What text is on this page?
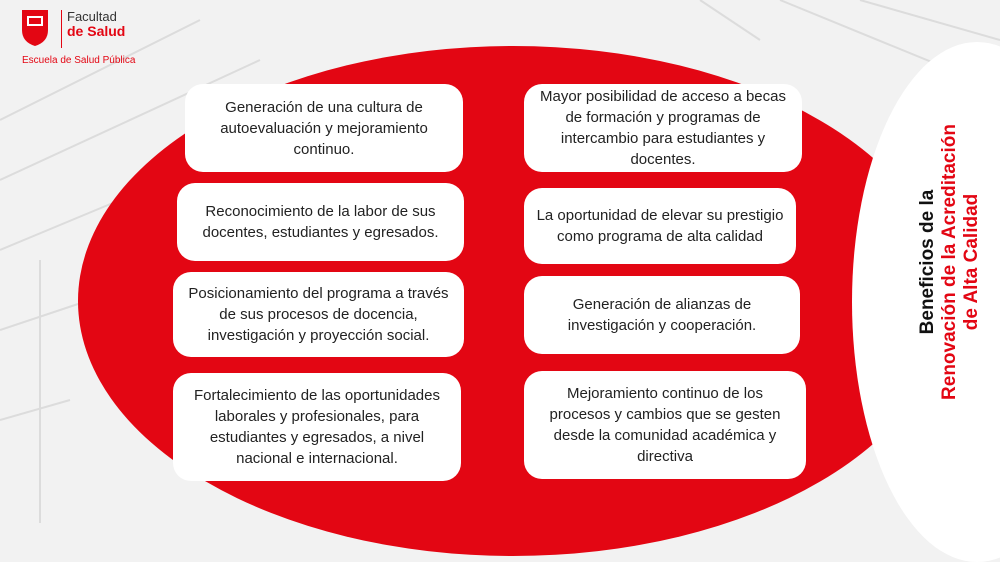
Facultad
de Salud
Escuela de Salud Pública
Generación de una cultura de autoevaluación y mejoramiento continuo.
Reconocimiento de la labor de sus docentes, estudiantes y egresados.
Posicionamiento del programa a través de sus procesos de docencia, investigación y proyección social.
Fortalecimiento de las oportunidades laborales y profesionales, para estudiantes y egresados, a nivel nacional e internacional.
Mayor posibilidad de acceso a becas de formación y programas de intercambio para estudiantes y docentes.
La oportunidad de elevar su prestigio como programa de alta calidad
Generación de alianzas de investigación y cooperación.
Mejoramiento continuo de los procesos y cambios que se gesten desde la comunidad académica y directiva
Beneficios de la Renovación de la Acreditación de Alta Calidad
